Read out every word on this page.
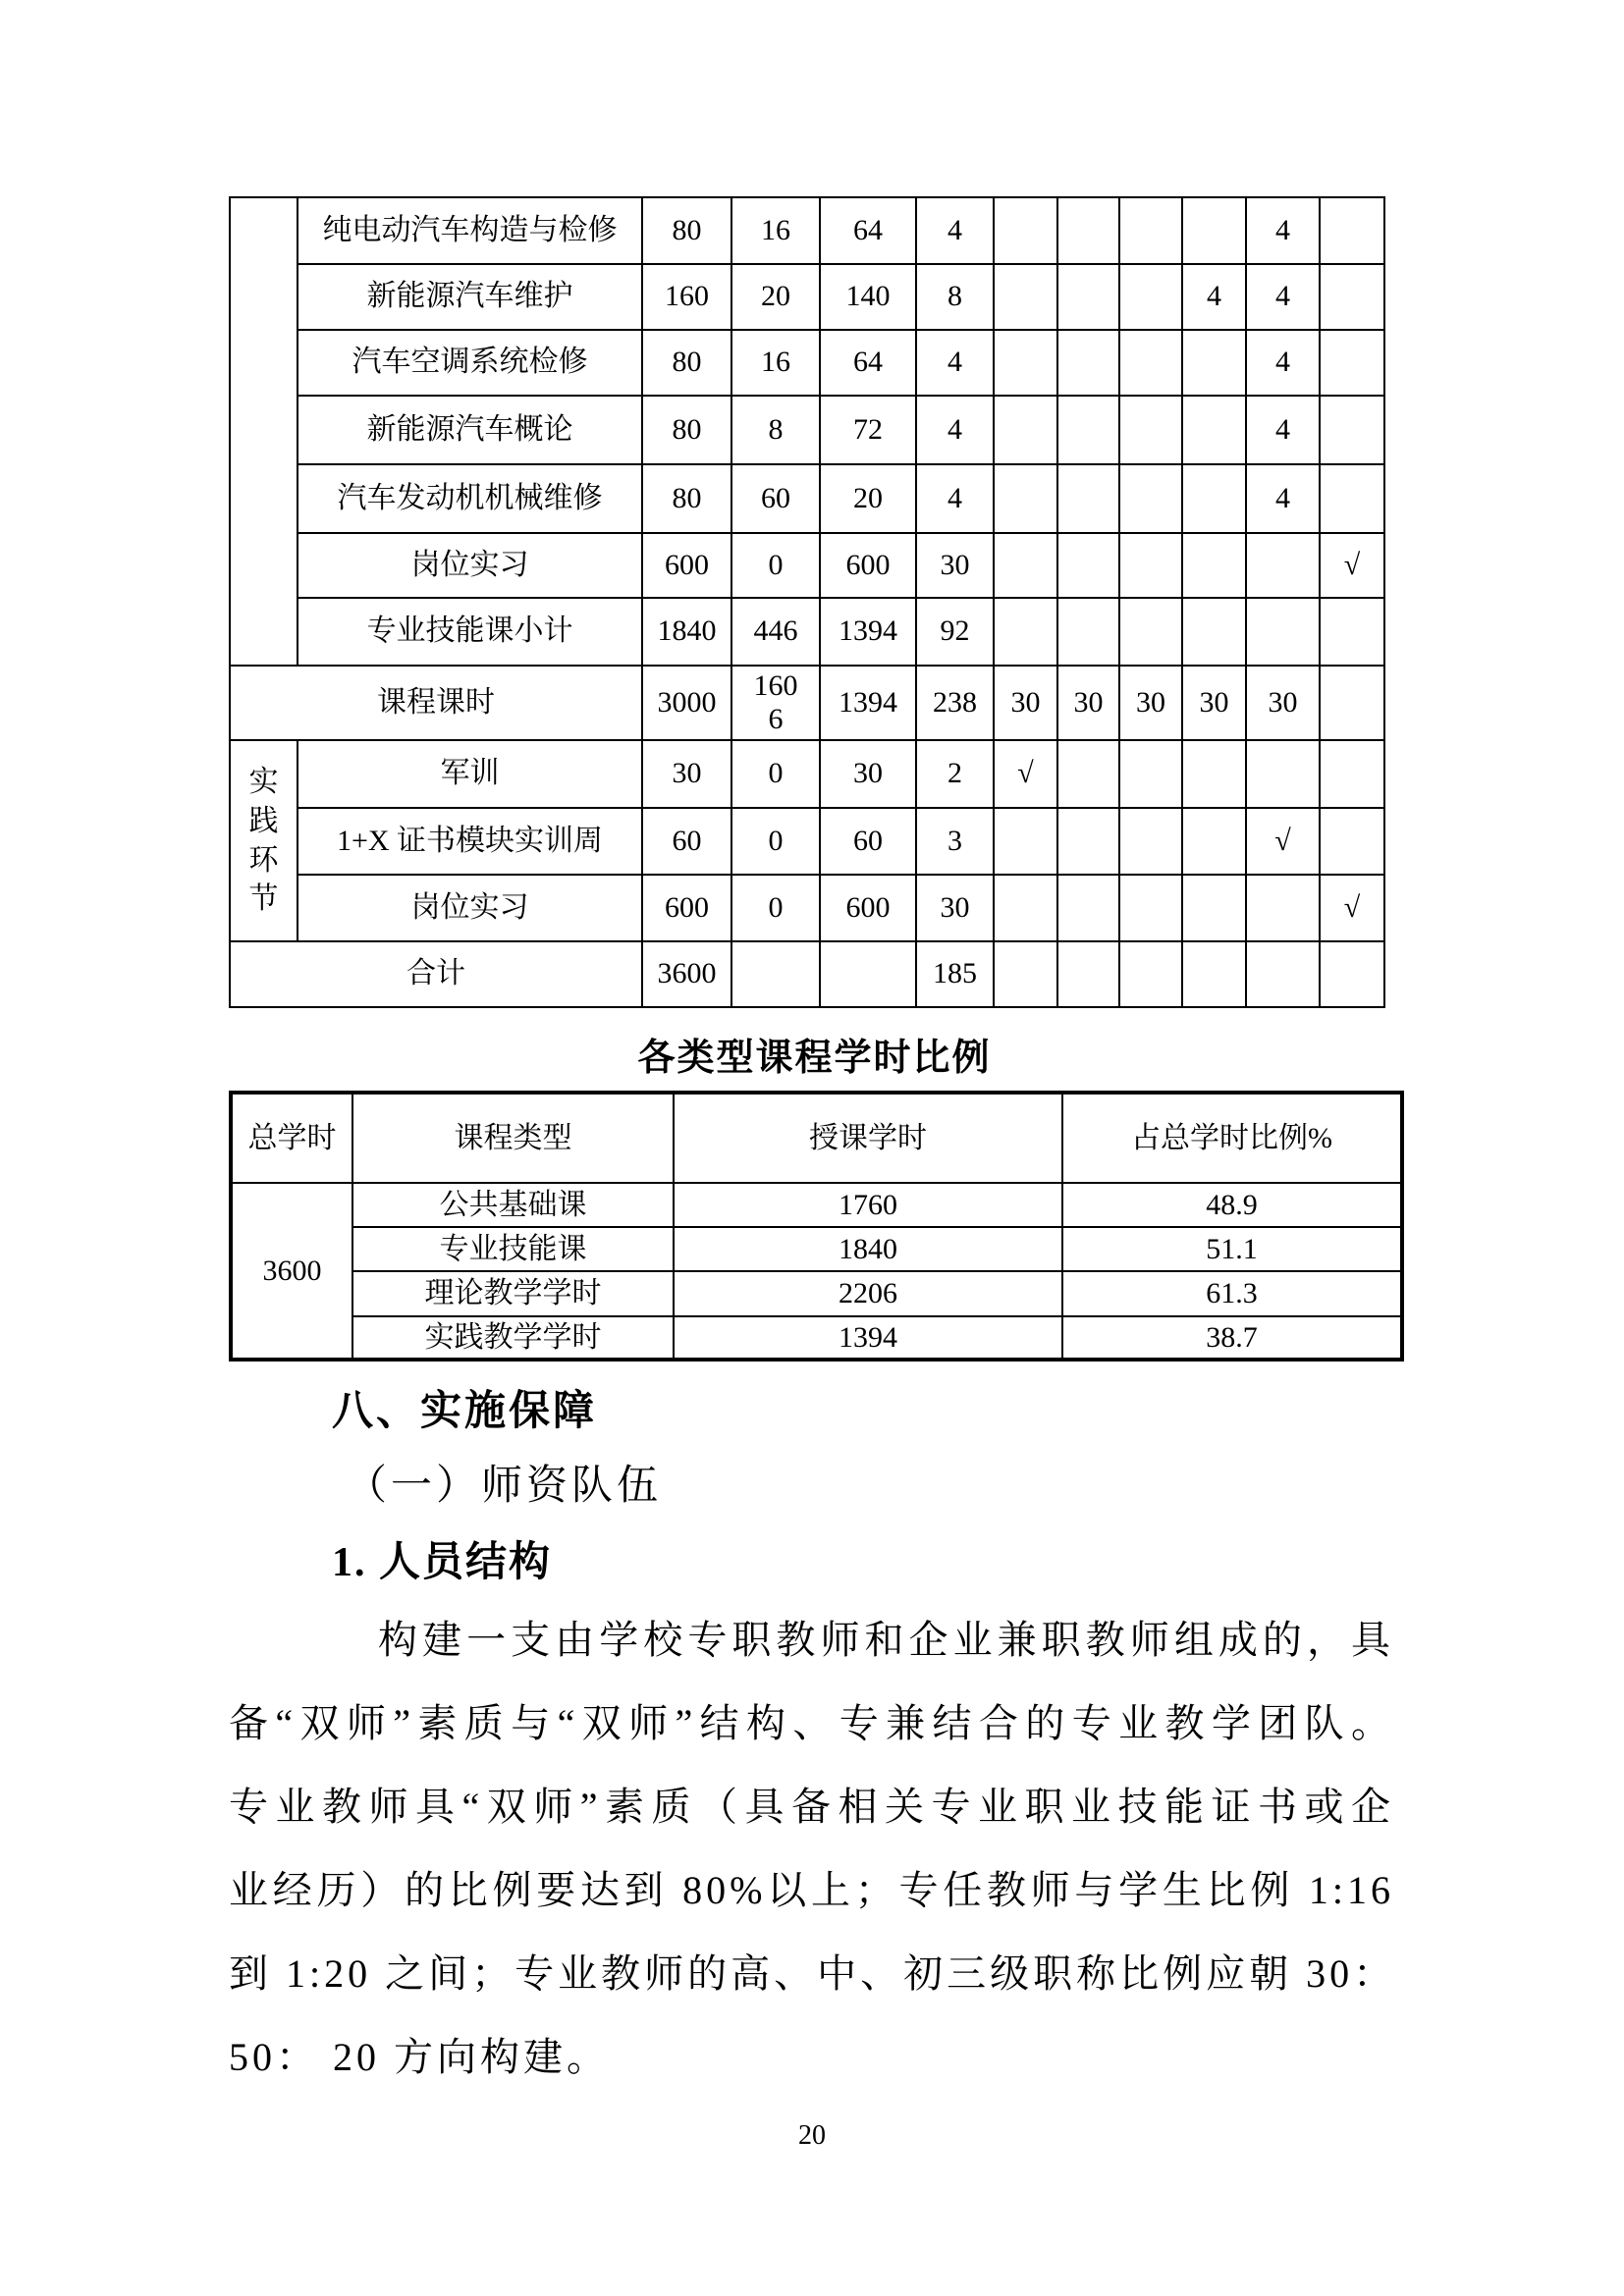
	纯电动汽车构造与检修	80	16	64	4					4	
	新能源汽车维护	160	20	140	8				4	4	
	汽车空调系统检修	80	16	64	4					4	
	新能源汽车概论	80	8	72	4					4	
	汽车发动机机械维修	80	60	20	4					4	
	岗位实习	600	0	600	30						√
	专业技能课小计	1840	446	1394	92						
课程课时		3000	1606	1394	238	30	30	30	30	30	
实践环节	军训	30	0	30	2	√					
	1+X 证书模块实训周	60	0	60	3					√	
	岗位实习	600	0	600	30						√
合计		3600			185						
各类型课程学时比例
总学时	课程类型	授课学时	占总学时比例%
3600	公共基础课	1760	48.9
	专业技能课	1840	51.1
	理论教学学时	2206	61.3
	实践教学学时	1394	38.7
八、实施保障
（一）师资队伍
1. 人员结构
构建一支由学校专职教师和企业兼职教师组成的，具
备“双师”素质与“双师”结构、专兼结合的专业教学团队。
专业教师具“双师”素质（具备相关专业职业技能证书或企
业经历）的比例要达到 80%以上；专任教师与学生比例 1:16
到 1:20 之间；专业教师的高、中、初三级职称比例应朝 30：
50： 20 方向构建。
20
